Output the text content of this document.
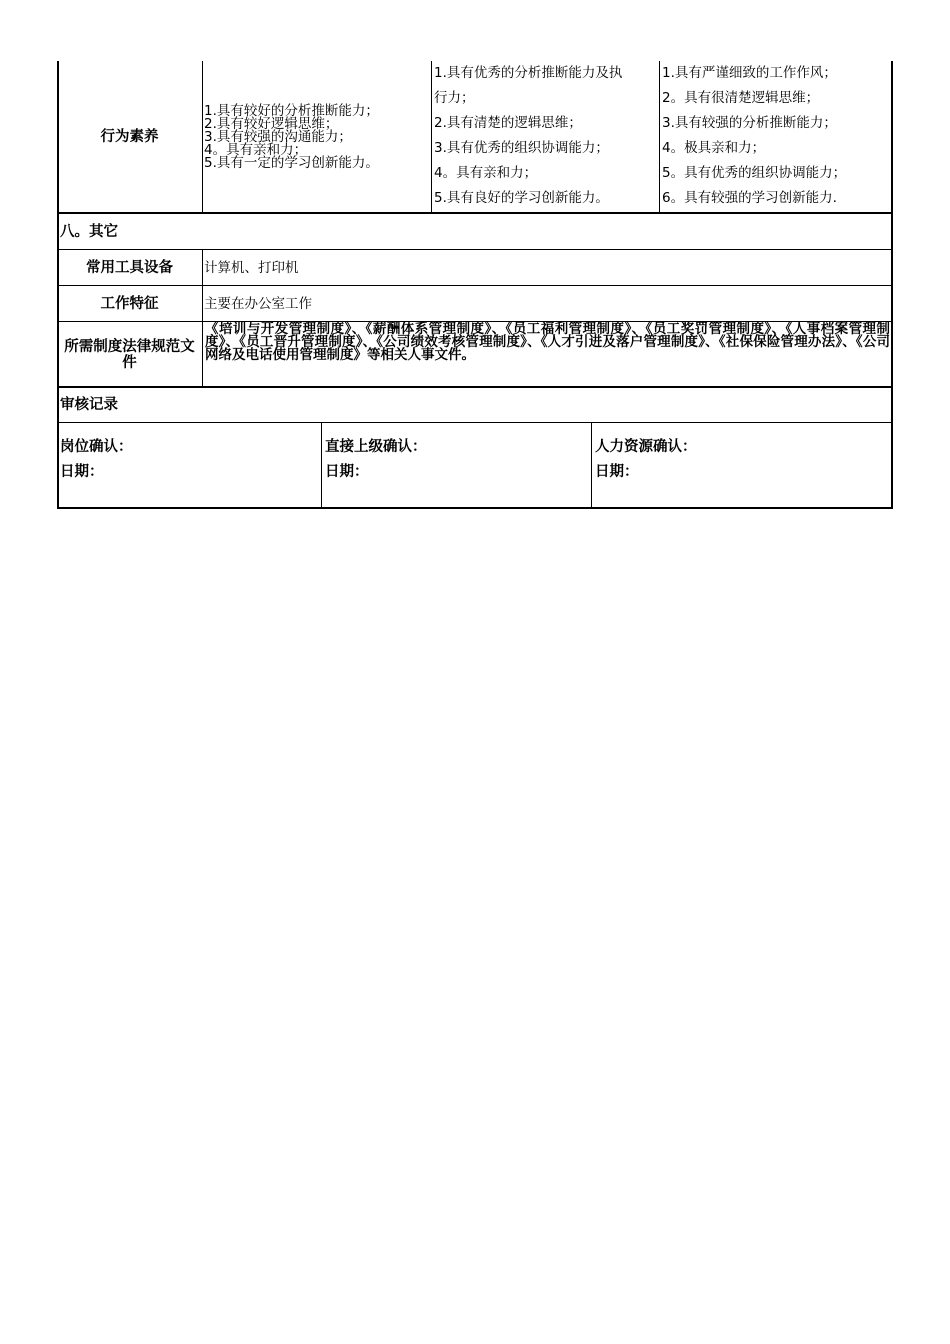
行为素养
1.具有较好的分析推断能力；
2.具有较好逻辑思维；
3.具有较强的沟通能力；
4。具有亲和力；
5.具有一定的学习创新能力。
1.具有优秀的分析推断能力及执
行力；
2.具有清楚的逻辑思维；
3.具有优秀的组织协调能力；
4。具有亲和力；
5.具有良好的学习创新能力。
1.具有严谨细致的工作作风；
2。具有很清楚逻辑思维；
3.具有较强的分析推断能力；
4。极具亲和力；
5。具有优秀的组织协调能力；
6。具有较强的学习创新能力.
八。其它
常用工具设备 计算机、打印机
工作特征	主要在办公室工作
所需制度法律规范文件
《培训与开发管理制度》、《薪酬体系管理制度》、《员工福利管理制度》、《员工奖罚管理制度》、《人事档案管理制度》、《员工晋升管理制度》、《公司绩效考核管理制度》、《人才引进及落户管理制度》、《社保保险管理办法》、《公司网络及电话使用管理制度》等相关人事文件。
审核记录
岗位确认：
日期：
直接上级确认：
日期：
人力资源确认：
日期：
